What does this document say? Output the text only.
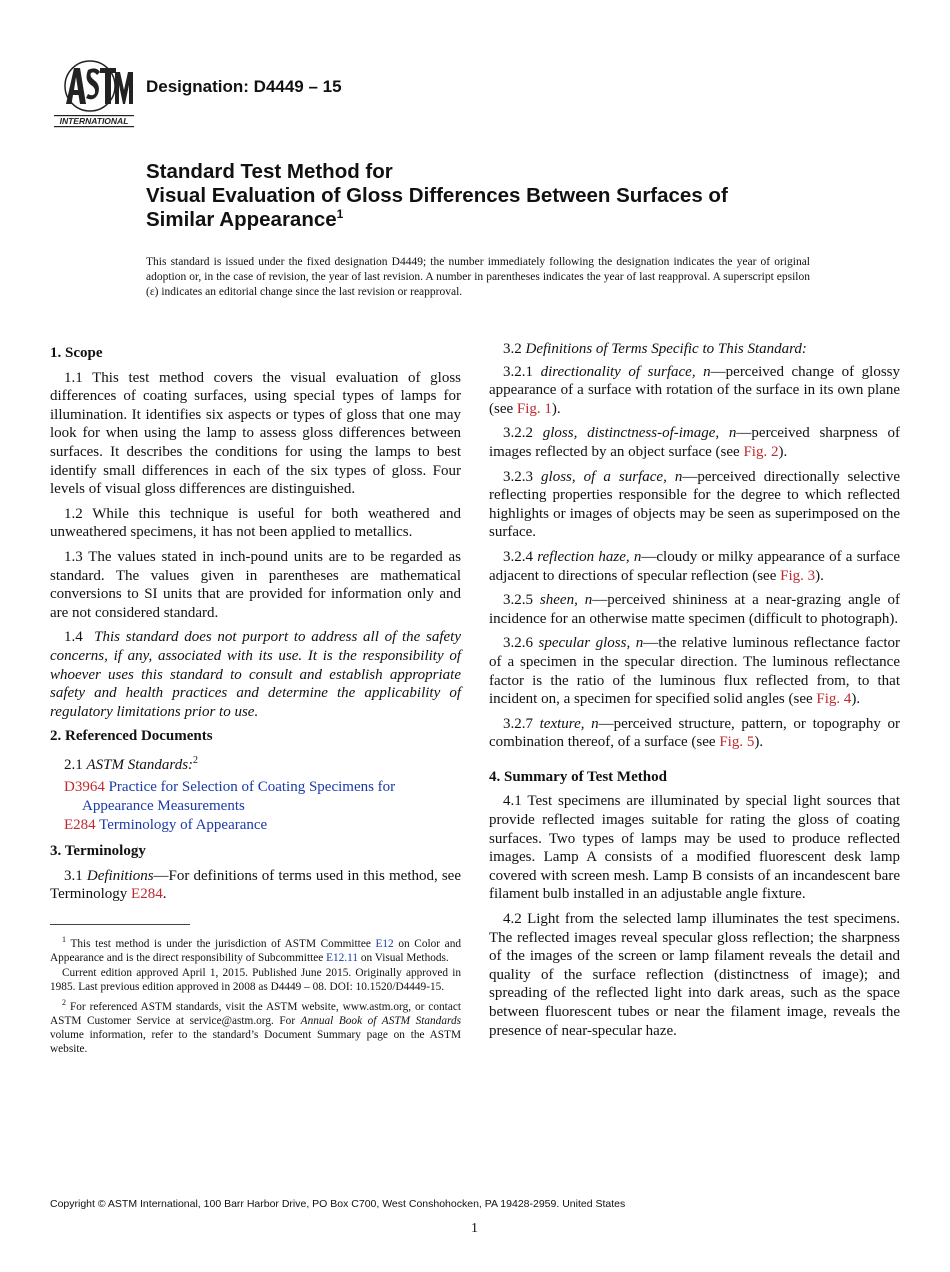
INTERNATIONAL
Designation: D4449 – 15
Standard Test Method for
Visual Evaluation of Gloss Differences Between Surfaces of
Similar Appearance$^1$
This standard is issued under the fixed designation D4449; the number immediately following the designation indicates the year of original adoption or, in the case of revision, the year of last revision. A number in parentheses indicates the year of last reapproval. A superscript epsilon (ε) indicates an editorial change since the last revision or reapproval.
1. Scope

1.1 This test method covers the visual evaluation of gloss differences of coating surfaces, using special types of lamps for illumination. It identifies six aspects or types of gloss that one may look for when using the lamp to assess gloss differences between surfaces. It describes the conditions for using the lamps to best identify small differences in each of the six types of gloss. Four levels of visual gloss differences are distinguished.

1.2 While this technique is useful for both weathered and unweathered specimens, it has not been applied to metallics.

1.3 The values stated in inch-pound units are to be regarded as standard. The values given in parentheses are mathematical conversions to SI units that are provided for information only and are not considered standard.

1.4 This standard does not purport to address all of the safety concerns, if any, associated with its use. It is the responsibility of whoever uses this standard to consult and establish appropriate safety and health practices and determine the applicability of regulatory limitations prior to use.

2. Referenced Documents

2.1 ASTM Standards:$^2$

D3964 Practice for Selection of Coating Specimens for Appearance Measurements

E284 Terminology of Appearance

3. Terminology

3.1 Definitions—For definitions of terms used in this method, see Terminology E284.

$^1$ This test method is under the jurisdiction of ASTM Committee E12 on Color and Appearance and is the direct responsibility of Subcommittee E12.11 on Visual Methods.

Current edition approved April 1, 2015. Published June 2015. Originally approved in 1985. Last previous edition approved in 2008 as D4449 – 08. DOI: 10.1520/D4449-15.

$^2$ For referenced ASTM standards, visit the ASTM website, www.astm.org, or contact ASTM Customer Service at service@astm.org. For Annual Book of ASTM Standards volume information, refer to the standard’s Document Summary page on the ASTM website.

3.2 Definitions of Terms Specific to This Standard:

3.2.1 directionality of surface, n—perceived change of glossy appearance of a surface with rotation of the surface in its own plane (see Fig. 1).

3.2.2 gloss, distinctness-of-image, n—perceived sharpness of images reflected by an object surface (see Fig. 2).

3.2.3 gloss, of a surface, n—perceived directionally selective reflecting properties responsible for the degree to which reflected highlights or images of objects may be seen as superimposed on the surface.

3.2.4 reflection haze, n—cloudy or milky appearance of a surface adjacent to directions of specular reflection (see Fig. 3).

3.2.5 sheen, n—perceived shininess at a near-grazing angle of incidence for an otherwise matte specimen (difficult to photograph).

3.2.6 specular gloss, n—the relative luminous reflectance factor of a specimen in the specular direction. The luminous reflectance factor is the ratio of the luminous flux reflected from, to that incident on, a specimen for specified solid angles (see Fig. 4).

3.2.7 texture, n—perceived structure, pattern, or topography or combination thereof, of a surface (see Fig. 5).

4. Summary of Test Method

4.1 Test specimens are illuminated by special light sources that provide reflected images suitable for rating the gloss of coating surfaces. Two types of lamps may be used to produce reflected images. Lamp A consists of a modified fluorescent desk lamp covered with screen mesh. Lamp B consists of an incandescent bare filament bulb installed in an adjustable angle fixture.

4.2 Light from the selected lamp illuminates the test specimens. The reflected images reveal specular gloss reflection; the sharpness of the images of the screen or lamp filament reveals the detail and quality of the surface reflection (distinctness of image); and spreading of the reflected light into dark areas, such as the space between fluorescent tubes or near the filament image, reveals the presence of near-specular haze.

Copyright © ASTM International, 100 Barr Harbor Drive, PO Box C700, West Conshohocken, PA 19428-2959. United States
1
